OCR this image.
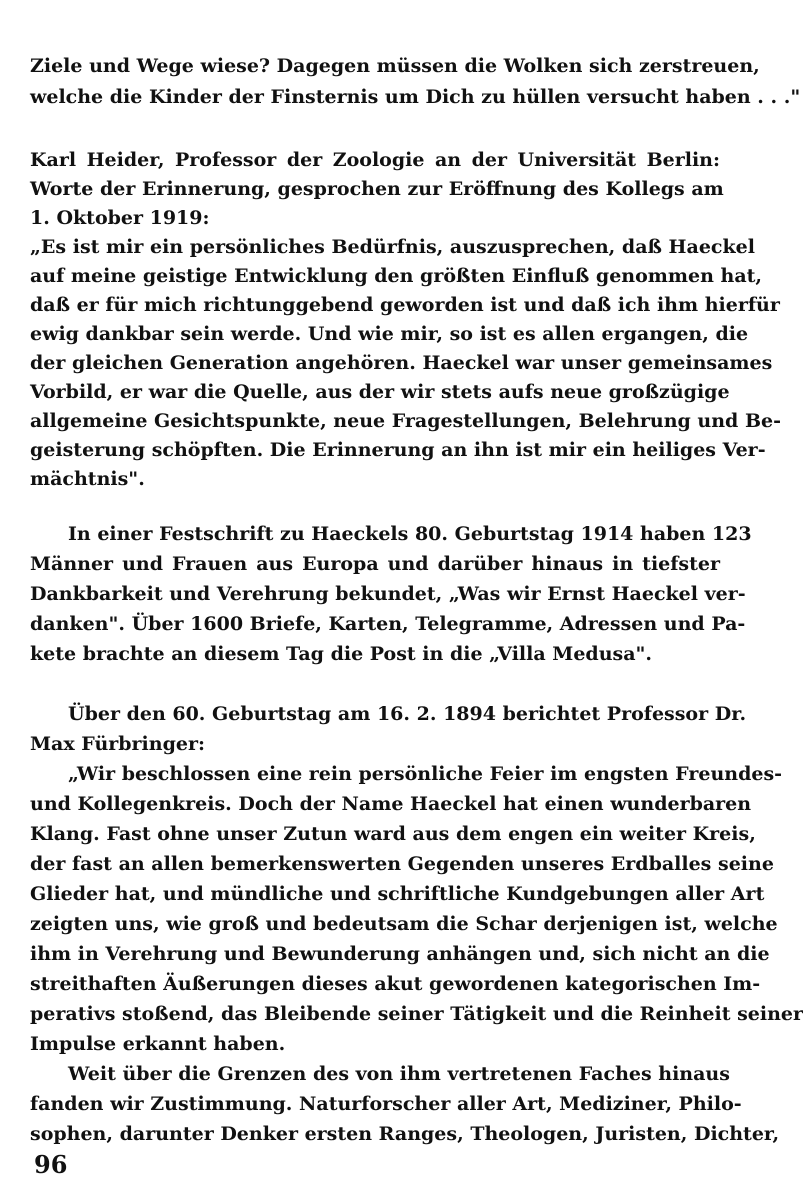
Ziele und Wege wiese? Dagegen müssen die Wolken sich zerstreuen,
welche die Kinder der Finsternis um Dich zu hüllen versucht haben . . ."
Karl Heider, Professor der Zoologie an der Universität Berlin:
Worte der Erinnerung, gesprochen zur Eröffnung des Kollegs am
1. Oktober 1919:
„Es ist mir ein persönliches Bedürfnis, auszusprechen, daß Haeckel
auf meine geistige Entwicklung den größten Einfluß genommen hat,
daß er für mich richtunggebend geworden ist und daß ich ihm hierfür
ewig dankbar sein werde. Und wie mir, so ist es allen ergangen, die
der gleichen Generation angehören. Haeckel war unser gemeinsames
Vorbild, er war die Quelle, aus der wir stets aufs neue großzügige
allgemeine Gesichtspunkte, neue Fragestellungen, Belehrung und Be-
geisterung schöpften. Die Erinnerung an ihn ist mir ein heiliges Ver-
mächtnis".
In einer Festschrift zu Haeckels 80. Geburtstag 1914 haben 123
Männer und Frauen aus Europa und darüber hinaus in tiefster
Dankbarkeit und Verehrung bekundet, „Was wir Ernst Haeckel ver-
danken". Über 1600 Briefe, Karten, Telegramme, Adressen und Pa-
kete brachte an diesem Tag die Post in die „Villa Medusa".
Über den 60. Geburtstag am 16. 2. 1894 berichtet Professor Dr.
Max Fürbringer:
„Wir beschlossen eine rein persönliche Feier im engsten Freundes-
und Kollegenkreis. Doch der Name Haeckel hat einen wunderbaren
Klang. Fast ohne unser Zutun ward aus dem engen ein weiter Kreis,
der fast an allen bemerkenswerten Gegenden unseres Erdballes seine
Glieder hat, und mündliche und schriftliche Kundgebungen aller Art
zeigten uns, wie groß und bedeutsam die Schar derjenigen ist, welche
ihm in Verehrung und Bewunderung anhängen und, sich nicht an die
streithaften Äußerungen dieses akut gewordenen kategorischen Im-
perativs stoßend, das Bleibende seiner Tätigkeit und die Reinheit seiner
Impulse erkannt haben.
Weit über die Grenzen des von ihm vertretenen Faches hinaus
fanden wir Zustimmung. Naturforscher aller Art, Mediziner, Philo-
sophen, darunter Denker ersten Ranges, Theologen, Juristen, Dichter,
96
